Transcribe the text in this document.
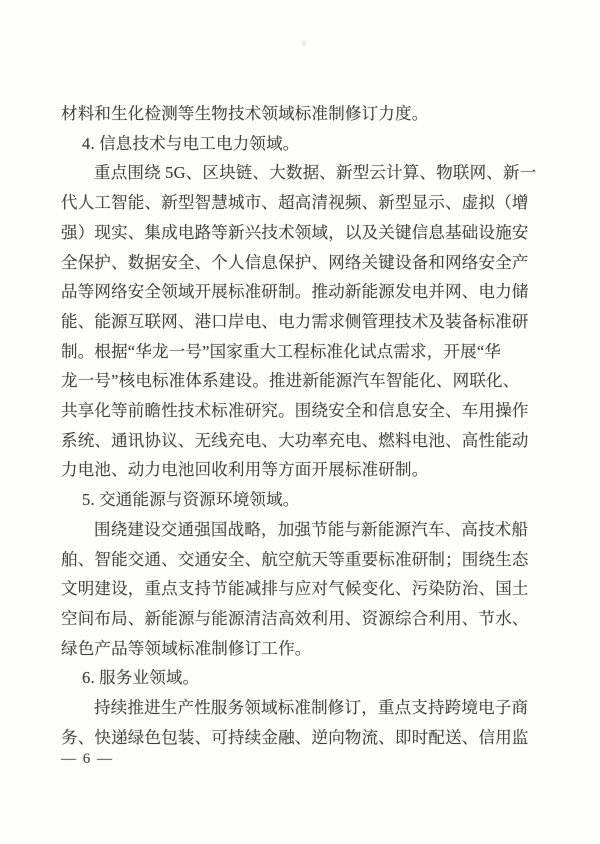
材料和生化检测等生物技术领域标准制修订力度。
4. 信息技术与电工电力领域。
重点围绕 5G、区块链、大数据、新型云计算、物联网、新一
代人工智能、新型智慧城市、超高清视频、新型显示、虚拟（增
强）现实、集成电路等新兴技术领域，以及关键信息基础设施安
全保护、数据安全、个人信息保护、网络关键设备和网络安全产
品等网络安全领域开展标准研制。推动新能源发电并网、电力储
能、能源互联网、港口岸电、电力需求侧管理技术及装备标准研
制。根据“华龙一号”国家重大工程标准化试点需求，开展“华
龙一号”核电标准体系建设。推进新能源汽车智能化、网联化、
共享化等前瞻性技术标准研究。围绕安全和信息安全、车用操作
系统、通讯协议、无线充电、大功率充电、燃料电池、高性能动
力电池、动力电池回收利用等方面开展标准研制。
5. 交通能源与资源环境领域。
围绕建设交通强国战略，加强节能与新能源汽车、高技术船
舶、智能交通、交通安全、航空航天等重要标准研制；围绕生态
文明建设，重点支持节能减排与应对气候变化、污染防治、国土
空间布局、新能源与能源清洁高效利用、资源综合利用、节水、
绿色产品等领域标准制修订工作。
6. 服务业领域。
持续推进生产性服务领域标准制修订，重点支持跨境电子商
务、快递绿色包装、可持续金融、逆向物流、即时配送、信用监
— 6 —
